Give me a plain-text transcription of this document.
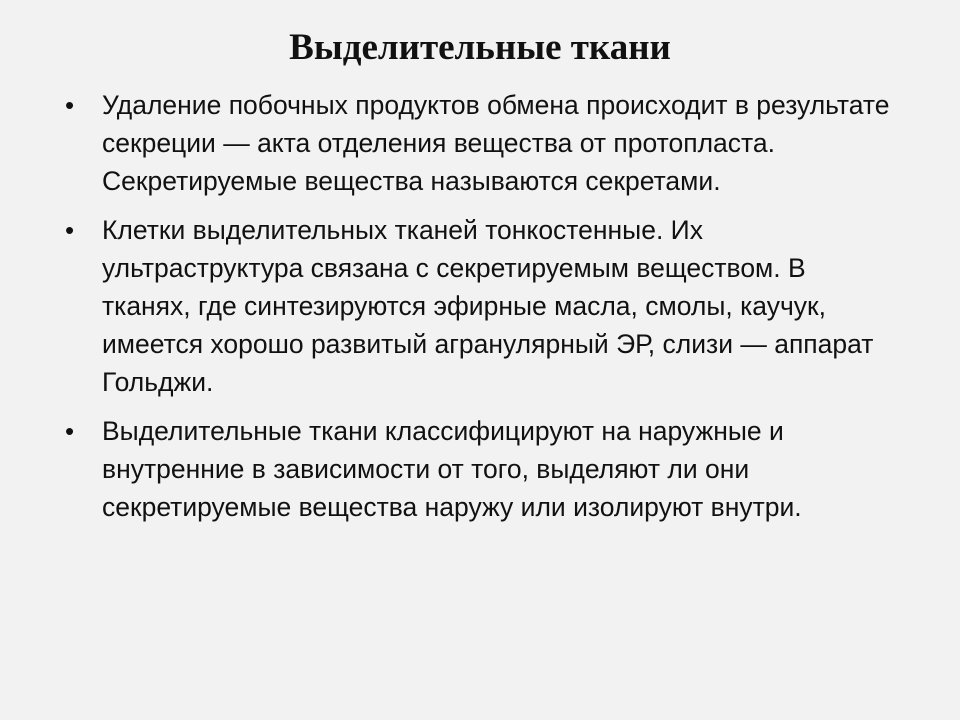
Выделительные ткани
• Удаление побочных продуктов обмена происходит в результате секреции — акта отделения вещества от протопласта. Секретируемые вещества называются секретами.
• Клетки выделительных тканей тонкостенные. Их ультраструктура связана с секретируемым веществом. В тканях, где синтезируются эфирные масла, смолы, каучук, имеется хорошо развитый агранулярный ЭР, слизи — аппарат Гольджи.
• Выделительные ткани классифицируют на наружные и внутренние в зависимости от того, выделяют ли они секретируемые вещества наружу или изолируют внутри.
